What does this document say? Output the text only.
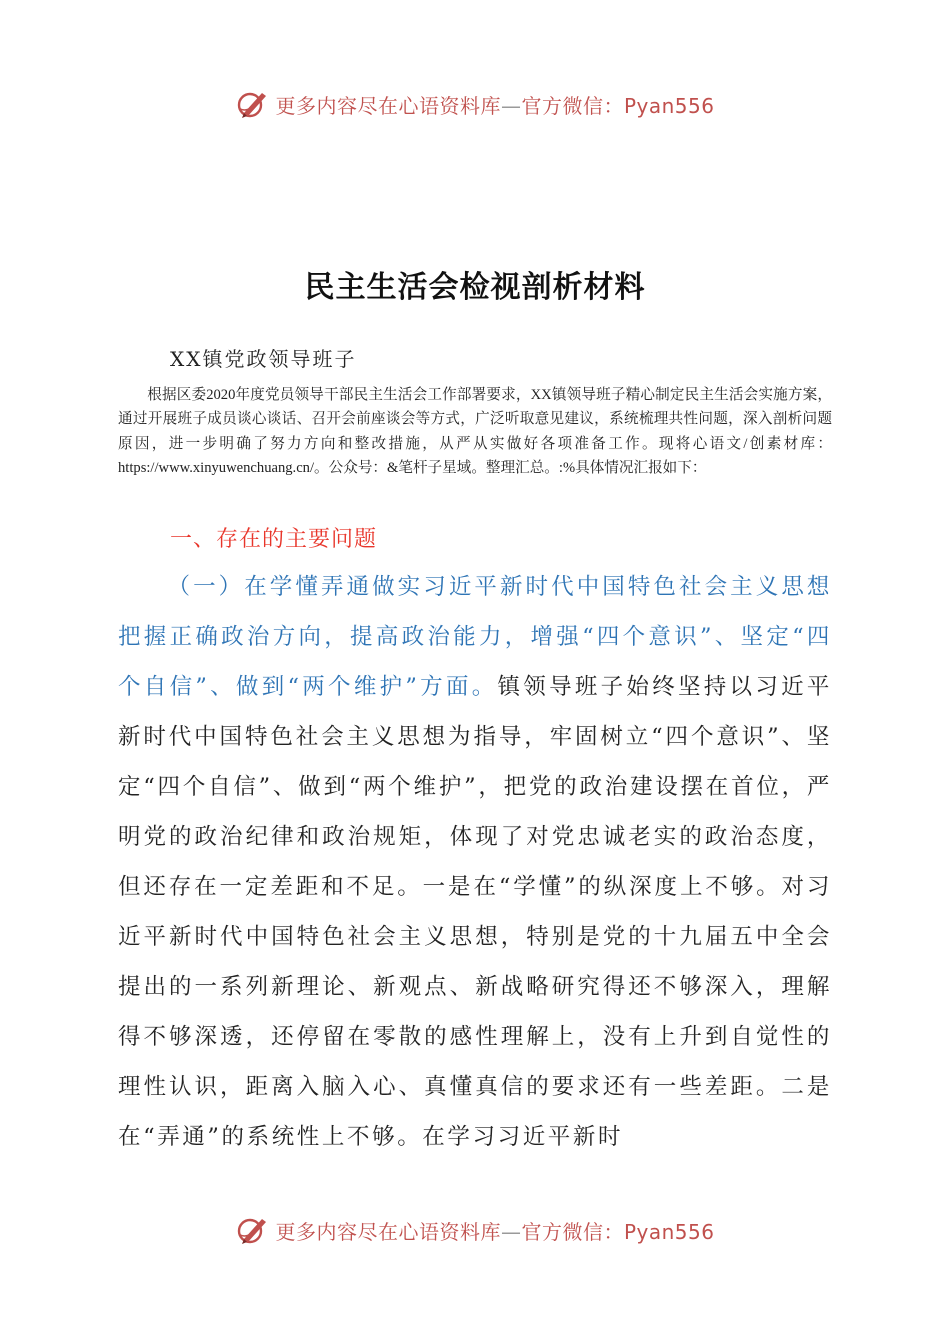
更多内容尽在心语资料库—官方微信：Pyan556
民主生活会检视剖析材料
XX镇党政领导班子
根据区委2020年度党员领导干部民主生活会工作部署要求，XX镇领导班子精心制定民主生活会实施方案，通过开展班子成员谈心谈话、召开会前座谈会等方式，广泛听取意见建议，系统梳理共性问题，深入剖析问题原因，进一步明确了努力方向和整改措施，从严从实做好各项准备工作。现将心语文/创素材库：https://www.xinyuwenchuang.cn/。公众号：&笔杆子星域。整理汇总。:%具体情况汇报如下：
一、存在的主要问题
（一）在学懂弄通做实习近平新时代中国特色社会主义思想把握正确政治方向，提高政治能力，增强“四个意识”、坚定“四个自信”、做到“两个维护”方面。镇领导班子始终坚持以习近平新时代中国特色社会主义思想为指导，牢固树立“四个意识”、坚定“四个自信”、做到“两个维护”，把党的政治建设摆在首位，严明党的政治纪律和政治规矩，体现了对党忠诚老实的政治态度，但还存在一定差距和不足。一是在“学懂”的纵深度上不够。对习近平新时代中国特色社会主义思想，特别是党的十九届五中全会提出的一系列新理论、新观点、新战略研究得还不够深入，理解得不够深透，还停留在零散的感性理解上，没有上升到自觉性的理性认识，距离入脑入心、真懂真信的要求还有一些差距。二是在“弄通”的系统性上不够。在学习习近平新时
更多内容尽在心语资料库—官方微信：Pyan556
